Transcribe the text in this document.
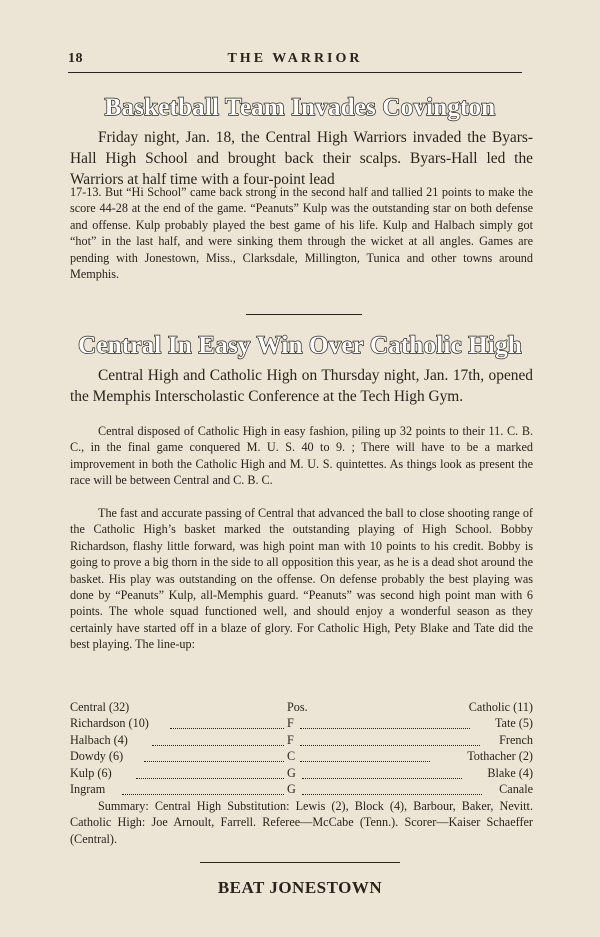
18	THE WARRIOR
Basketball Team Invades Covington
Friday night, Jan. 18, the Central High Warriors invaded the Byars-Hall High School and brought back their scalps. Byars-Hall led the Warriors at half time with a four-point lead
17-13. But “Hi School” came back strong in the second half and tallied 21 points to make the score 44-28 at the end of the game. “Peanuts” Kulp was the outstanding star on both defense and offense. Kulp probably played the best game of his life. Kulp and Halbach simply got “hot” in the last half, and were sinking them through the wicket at all angles. Games are pending with Jonestown, Miss., Clarksdale, Millington, Tunica and other towns around Memphis.
Central In Easy Win Over Catholic High
Central High and Catholic High on Thursday night, Jan. 17th, opened the Memphis Interscholastic Conference at the Tech High Gym.
Central disposed of Catholic High in easy fashion, piling up 32 points to their 11. C. B. C., in the final game conquered M. U. S. 40 to 9. ; There will have to be a marked improvement in both the Catholic High and M. U. S. quintettes. As things look as present the race will be between Central and C. B. C.
The fast and accurate passing of Central that advanced the ball to close shooting range of the Catholic High’s basket marked the outstanding playing of High School. Bobby Richardson, flashy little forward, was high point man with 10 points to his credit. Bobby is going to prove a big thorn in the side to all opposition this year, as he is a dead shot around the basket. His play was outstanding on the offense. On defense probably the best playing was done by “Peanuts” Kulp, all-Memphis guard. “Peanuts” was second high point man with 6 points. The whole squad functioned well, and should enjoy a wonderful season as they certainly have started off in a blaze of glory. For Catholic High, Pety Blake and Tate did the best playing. The line-up:
Central (32)	Pos.	Catholic (11)
Richardson (10)	F	Tate (5)
Halbach (4)	F	French
Dowdy (6)	C	Tothacher (2)
Kulp (6)	G	Blake (4)
Ingram	G	Canale
Summary: Central High Substitution: Lewis (2), Block (4), Barbour, Baker, Nevitt. Catholic High: Joe Arnoult, Farrell. Referee—McCabe (Tenn.). Scorer—Kaiser Schaeffer (Central).
BEAT JONESTOWN
